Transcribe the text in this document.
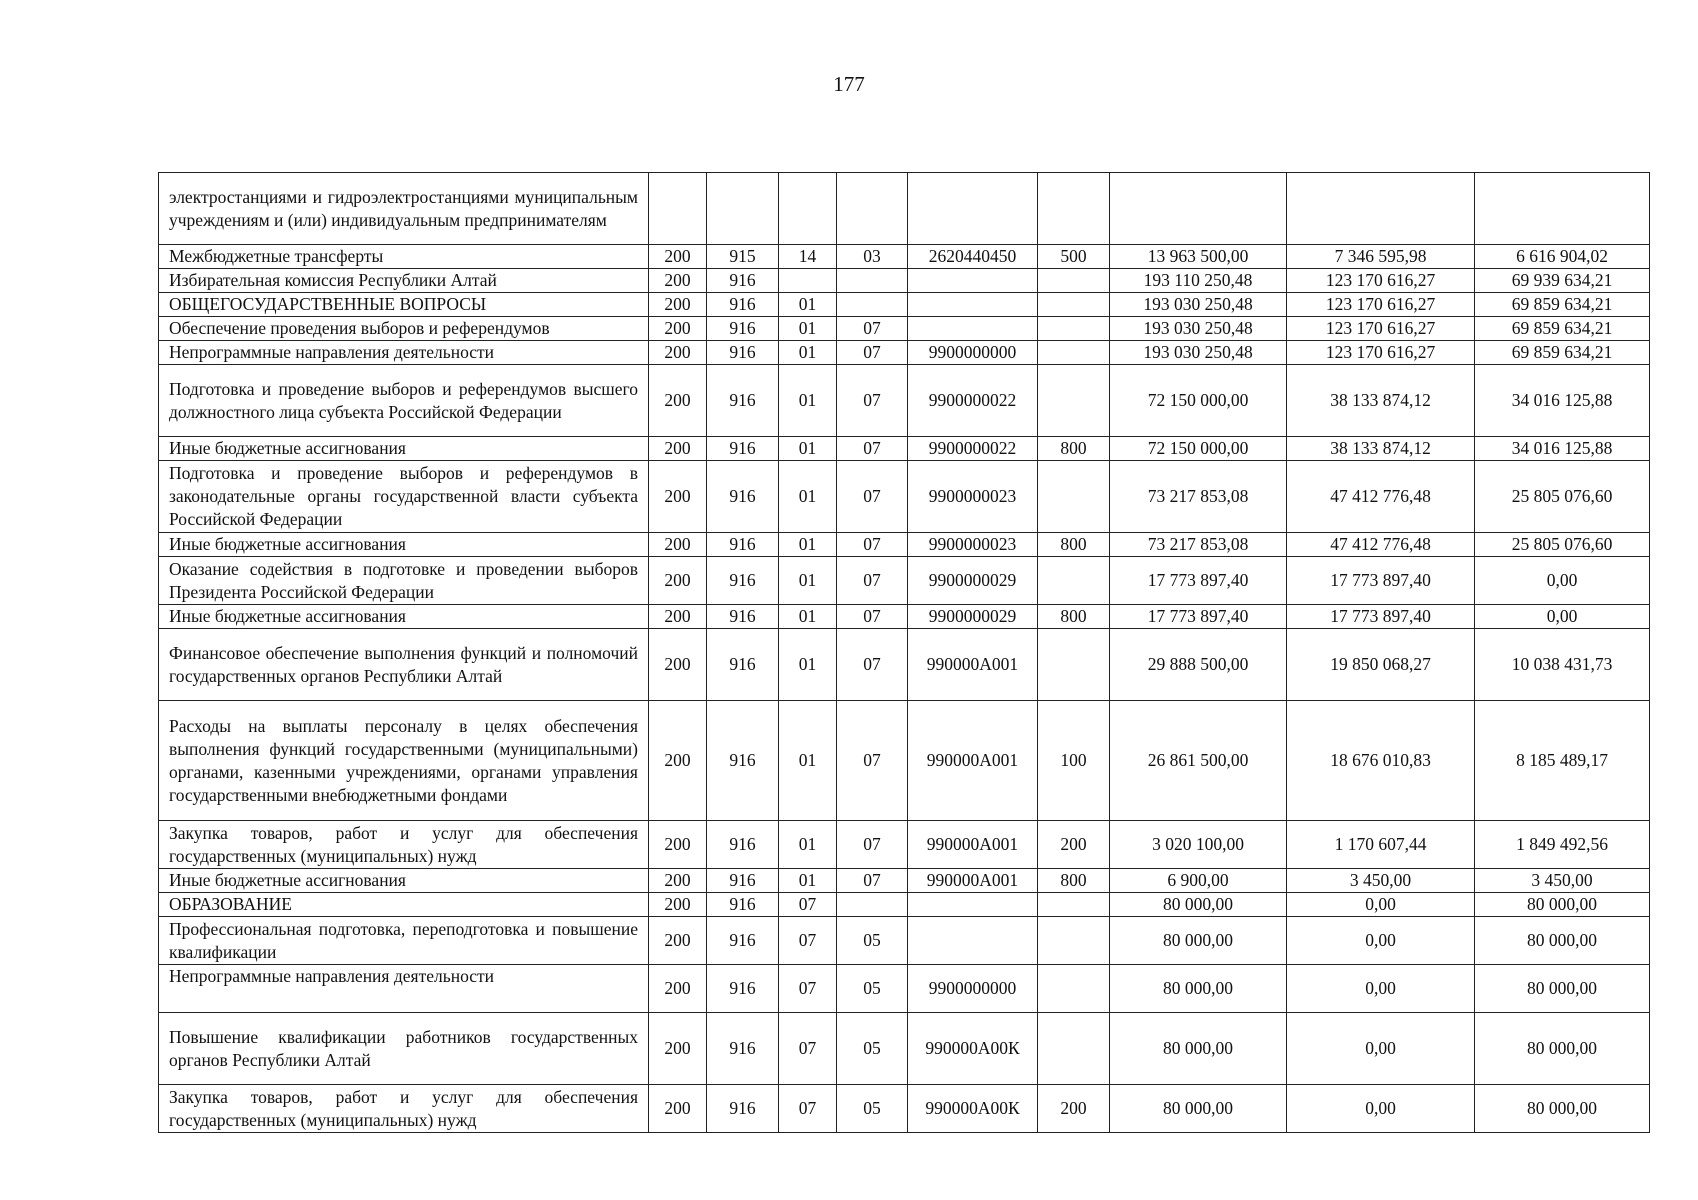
177
электростанциями и гидроэлектростанциями муниципальным учреждениям и (или) индивидуальным предпринимателям									
Межбюджетные трансферты	200	915	14	03	2620440450	500	13 963 500,00	7 346 595,98	6 616 904,02
Избирательная комиссия Республики Алтай	200	916					193 110 250,48	123 170 616,27	69 939 634,21
ОБЩЕГОСУДАРСТВЕННЫЕ ВОПРОСЫ	200	916	01				193 030 250,48	123 170 616,27	69 859 634,21
Обеспечение проведения выборов и референдумов	200	916	01	07			193 030 250,48	123 170 616,27	69 859 634,21
Непрограммные направления деятельности	200	916	01	07	9900000000		193 030 250,48	123 170 616,27	69 859 634,21
Подготовка и проведение выборов и референдумов высшего должностного лица субъекта Российской Федерации	200	916	01	07	9900000022		72 150 000,00	38 133 874,12	34 016 125,88
Иные бюджетные ассигнования	200	916	01	07	9900000022	800	72 150 000,00	38 133 874,12	34 016 125,88
Подготовка и проведение выборов и референдумов в законодательные органы государственной власти субъекта Российской Федерации	200	916	01	07	9900000023		73 217 853,08	47 412 776,48	25 805 076,60
Иные бюджетные ассигнования	200	916	01	07	9900000023	800	73 217 853,08	47 412 776,48	25 805 076,60
Оказание содействия в подготовке и проведении выборов Президента Российской Федерации	200	916	01	07	9900000029		17 773 897,40	17 773 897,40	0,00
Иные бюджетные ассигнования	200	916	01	07	9900000029	800	17 773 897,40	17 773 897,40	0,00
Финансовое обеспечение выполнения функций и полномочий государственных органов Республики Алтай	200	916	01	07	990000А001		29 888 500,00	19 850 068,27	10 038 431,73
Расходы на выплаты персоналу в целях обеспечения выполнения функций государственными (муниципальными) органами, казенными учреждениями, органами управления государственными внебюджетными фондами	200	916	01	07	990000А001	100	26 861 500,00	18 676 010,83	8 185 489,17
Закупка товаров, работ и услуг для обеспечения государственных (муниципальных) нужд	200	916	01	07	990000А001	200	3 020 100,00	1 170 607,44	1 849 492,56
Иные бюджетные ассигнования	200	916	01	07	990000А001	800	6 900,00	3 450,00	3 450,00
ОБРАЗОВАНИЕ	200	916	07				80 000,00	0,00	80 000,00
Профессиональная подготовка, переподготовка и повышение квалификации	200	916	07	05			80 000,00	0,00	80 000,00
Непрограммные направления деятельности	200	916	07	05	9900000000		80 000,00	0,00	80 000,00
Повышение квалификации работников государственных органов Республики Алтай	200	916	07	05	990000А00К		80 000,00	0,00	80 000,00
Закупка товаров, работ и услуг для обеспечения государственных (муниципальных) нужд	200	916	07	05	990000А00К	200	80 000,00	0,00	80 000,00
